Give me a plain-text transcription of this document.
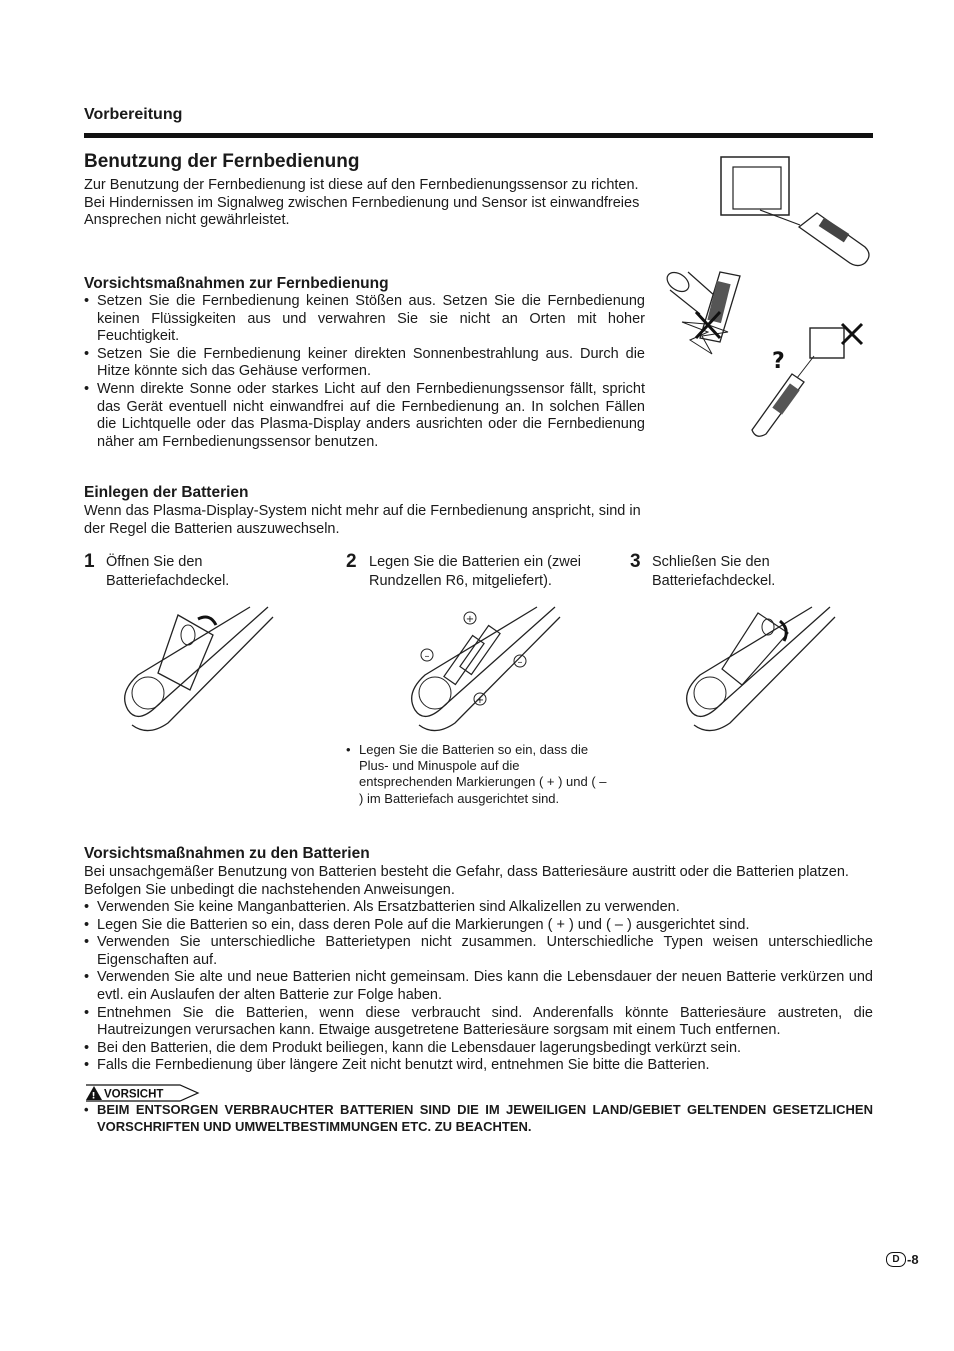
Vorbereitung
Benutzung der Fernbedienung

Zur Benutzung der Fernbedienung ist diese auf den Fernbedienungssensor zu richten. Bei Hindernissen im Signalweg zwischen Fernbedienung und Sensor ist einwandfreies Ansprechen nicht gewährleistet.

Vorsichtsmaßnahmen zur Fernbedienung
• Setzen Sie die Fernbedienung keinen Stößen aus. Setzen Sie die Fernbedienung keinen Flüssigkeiten aus und verwahren Sie sie nicht an Orten mit hoher Feuchtigkeit.
• Setzen Sie die Fernbedienung keiner direkten Sonnenbestrahlung aus. Durch die Hitze könnte sich das Gehäuse verformen.
• Wenn direkte Sonne oder starkes Licht auf den Fernbedienungssensor fällt, spricht das Gerät eventuell nicht einwandfrei auf die Fernbedienung an. In solchen Fällen die Lichtquelle oder das Plasma-Display anders ausrichten oder die Fernbedienung näher am Fernbedienungssensor benutzen.
?
Einlegen der Batterien

Wenn das Plasma-Display-System nicht mehr auf die Fernbedienung anspricht, sind in der Regel die Batterien auszuwechseln.

1 Öffnen Sie den Batteriefachdeckel.
2 Legen Sie die Batterien ein (zwei Rundzellen R6, mitgeliefert).
3 Schließen Sie den Batteriefachdeckel.
+
–
–
+
• Legen Sie die Batterien so ein, dass die Plus- und Minuspole auf die entsprechenden Markierungen ( + ) und ( – ) im Batteriefach ausgerichtet sind.
Vorsichtsmaßnahmen zu den Batterien

Bei unsachgemäßer Benutzung von Batterien besteht die Gefahr, dass Batteriesäure austritt oder die Batterien platzen. Befolgen Sie unbedingt die nachstehenden Anweisungen.

• Verwenden Sie keine Manganbatterien. Als Ersatzbatterien sind Alkalizellen zu verwenden.
• Legen Sie die Batterien so ein, dass deren Pole auf die Markierungen ( + ) und ( – ) ausgerichtet sind.
• Verwenden Sie unterschiedliche Batterietypen nicht zusammen. Unterschiedliche Typen weisen unterschiedliche Eigenschaften auf.
• Verwenden Sie alte und neue Batterien nicht gemeinsam. Dies kann die Lebensdauer der neuen Batterie verkürzen und evtl. ein Auslaufen der alten Batterie zur Folge haben.
• Entnehmen Sie die Batterien, wenn diese verbraucht sind. Anderenfalls könnte Batteriesäure austreten, die Hautreizungen verursachen kann. Etwaige ausgetretene Batteriesäure sorgsam mit einem Tuch entfernen.
• Bei den Batterien, die dem Produkt beiliegen, kann die Lebensdauer lagerungsbedingt verkürzt sein.
• Falls die Fernbedienung über längere Zeit nicht benutzt wird, entnehmen Sie bitte die Batterien.
! VORSICHT
• BEIM ENTSORGEN VERBRAUCHTER BATTERIEN SIND DIE IM JEWEILIGEN LAND/GEBIET GELTENDEN GESETZLICHEN VORSCHRIFTEN UND UMWELTBESTIMMUNGEN ETC. ZU BEACHTEN.
D -8
